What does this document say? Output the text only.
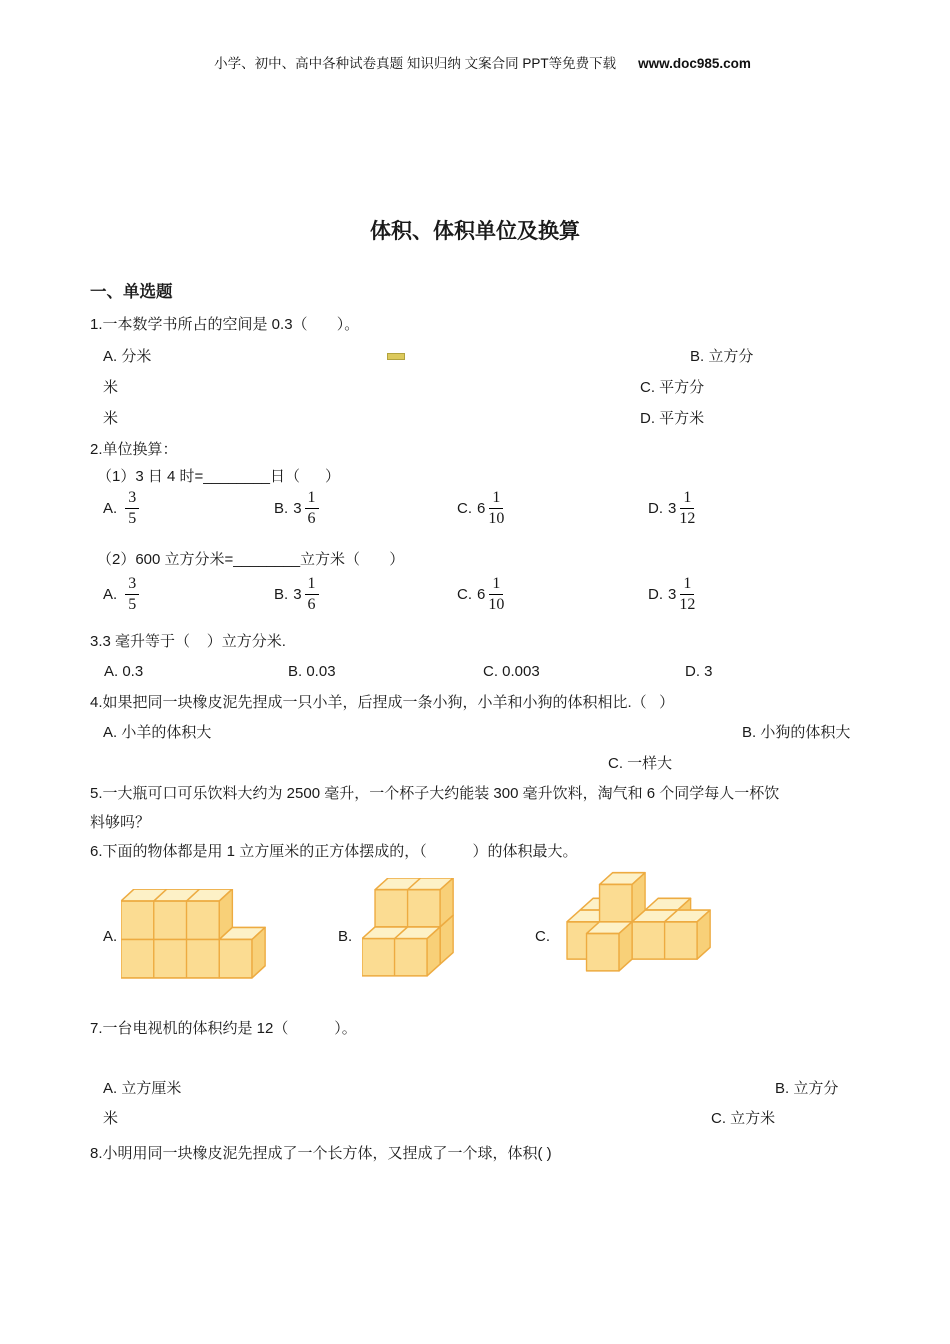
小学、初中、高中各种试卷真题 知识归纳 文案合同 PPT等免费下载 www.doc985.com

体积、体积单位及换算
一、单选题
1.一本数学书所占的空间是 0.3（       ）。
A. 分米	B. 立方分
米	C. 平方分
米	D. 平方米
2.单位换算：
（1）3 日 4 时=________日（      ）
A. $\frac{3}{5}$	B. $3 \frac{1}{6}$	C. $6 \frac{1}{10}$	D. $3 \frac{1}{12}$
（2）600 立方分米=________立方米（       ）
A. $\frac{3}{5}$	B. $3 \frac{1}{6}$	C. $6 \frac{1}{10}$	D. $3 \frac{1}{12}$
3.3 毫升等于（    ）立方分米.
A. 0.3	B. 0.03	C. 0.003	D. 3
4.如果把同一块橡皮泥先捏成一只小羊，后捏成一条小狗，小羊和小狗的体积相比.（   ）
A. 小羊的体积大	B. 小狗的体积大
C. 一样大
5.一大瓶可口可乐饮料大约为 2500 毫升，一个杯子大约能装 300 毫升饮料，淘气和 6 个同学每人一杯饮
料够吗？
6.下面的物体都是用 1 立方厘米的正方体摆成的，（           ）的体积最大。
A.	B.	C.
7.一台电视机的体积约是 12（           ）。
A. 立方厘米	B. 立方分
米	C. 立方米
8.小明用同一块橡皮泥先捏成了一个长方体，又捏成了一个球，体积( )
